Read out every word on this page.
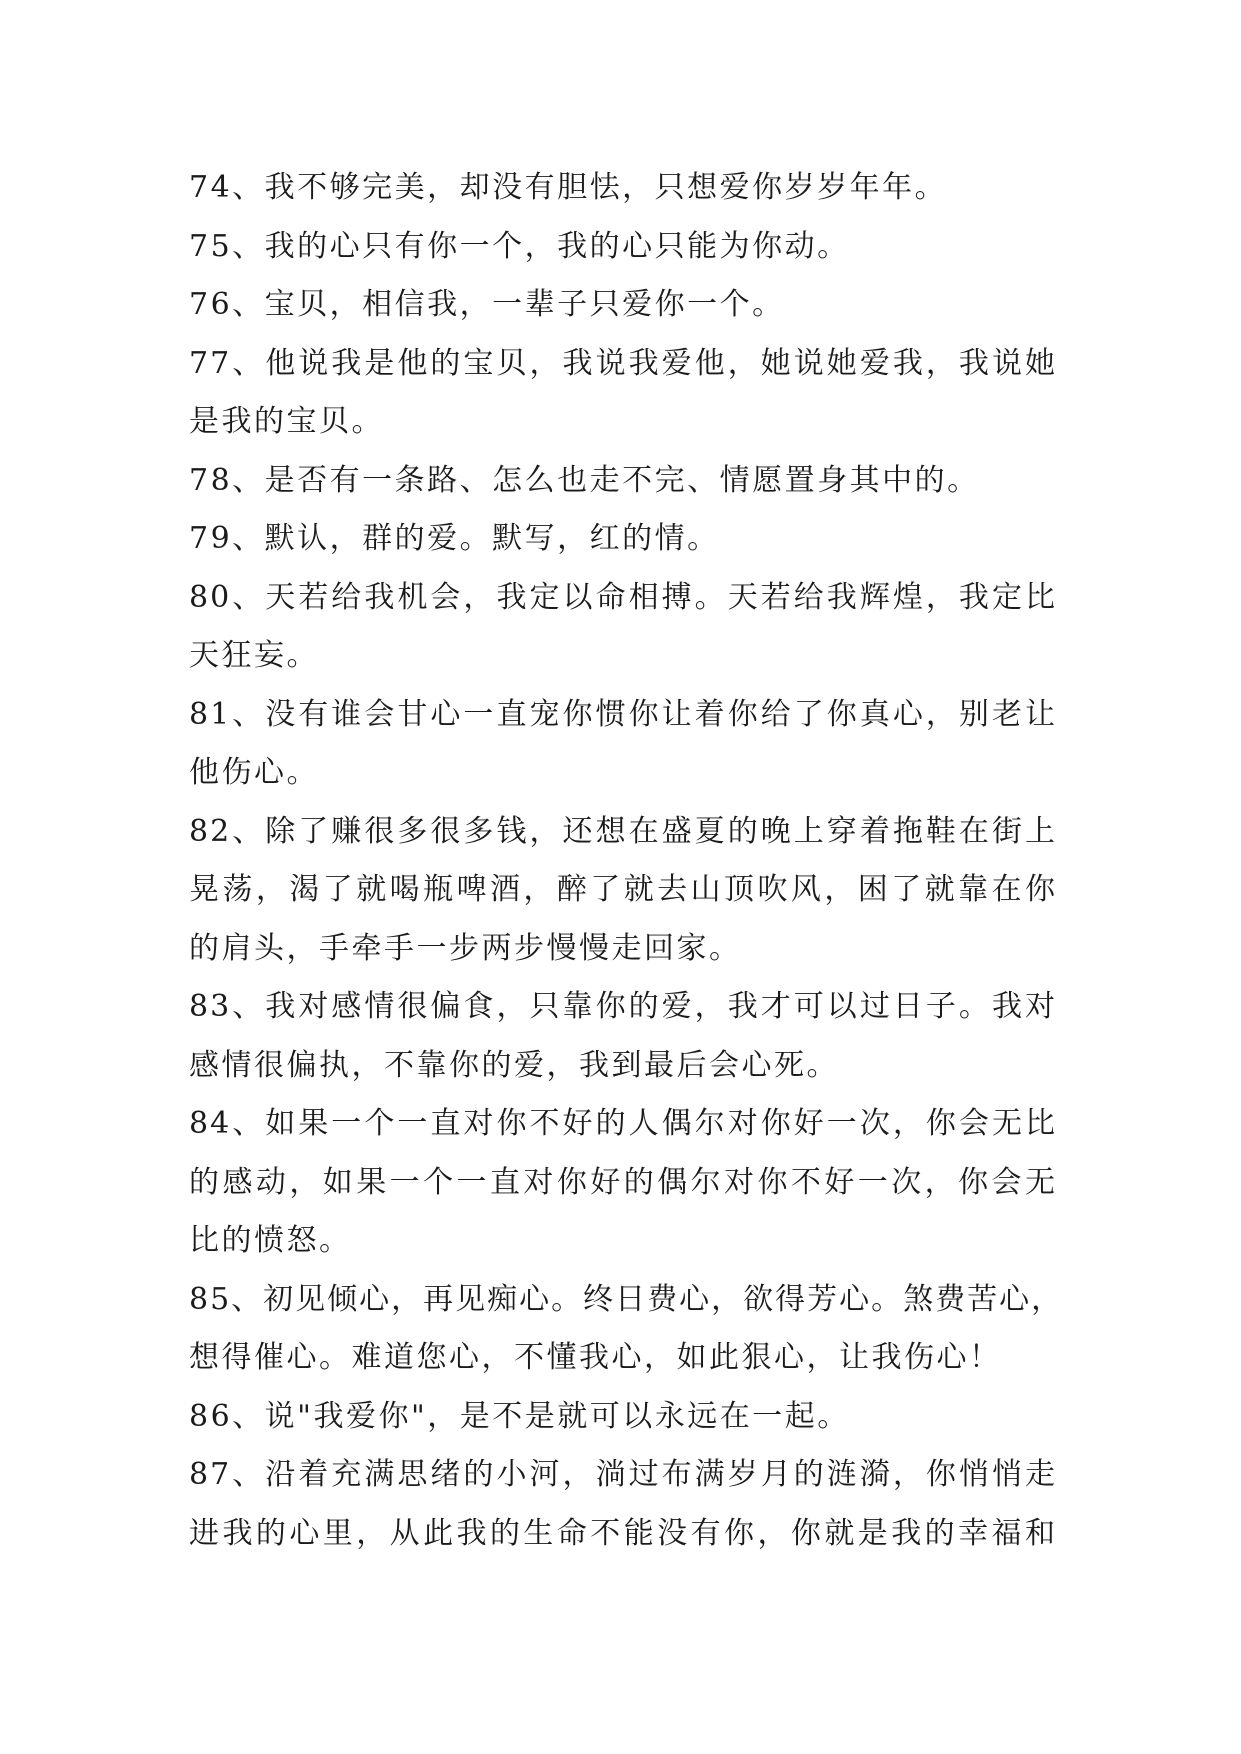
74、我不够完美，却没有胆怯，只想爱你岁岁年年。
75、我的心只有你一个，我的心只能为你动。
76、宝贝，相信我，一辈子只爱你一个。
77、他说我是他的宝贝，我说我爱他，她说她爱我，我说她
是我的宝贝。
78、是否有一条路、怎么也走不完、情愿置身其中的。
79、默认，群的爱。默写，红的情。
80、天若给我机会，我定以命相搏。天若给我辉煌，我定比
天狂妄。
81、没有谁会甘心一直宠你惯你让着你给了你真心，别老让
他伤心。
82、除了赚很多很多钱，还想在盛夏的晚上穿着拖鞋在街上
晃荡，渴了就喝瓶啤酒，醉了就去山顶吹风，困了就靠在你
的肩头，手牵手一步两步慢慢走回家。
83、我对感情很偏食，只靠你的爱，我才可以过日子。我对
感情很偏执，不靠你的爱，我到最后会心死。
84、如果一个一直对你不好的人偶尔对你好一次，你会无比
的感动，如果一个一直对你好的偶尔对你不好一次，你会无
比的愤怒。
85、初见倾心，再见痴心。终日费心，欲得芳心。煞费苦心，
想得催心。难道您心，不懂我心，如此狠心，让我伤心！
86、说"我爱你"，是不是就可以永远在一起。
87、沿着充满思绪的小河，淌过布满岁月的涟漪，你悄悄走
进我的心里，从此我的生命不能没有你，你就是我的幸福和
